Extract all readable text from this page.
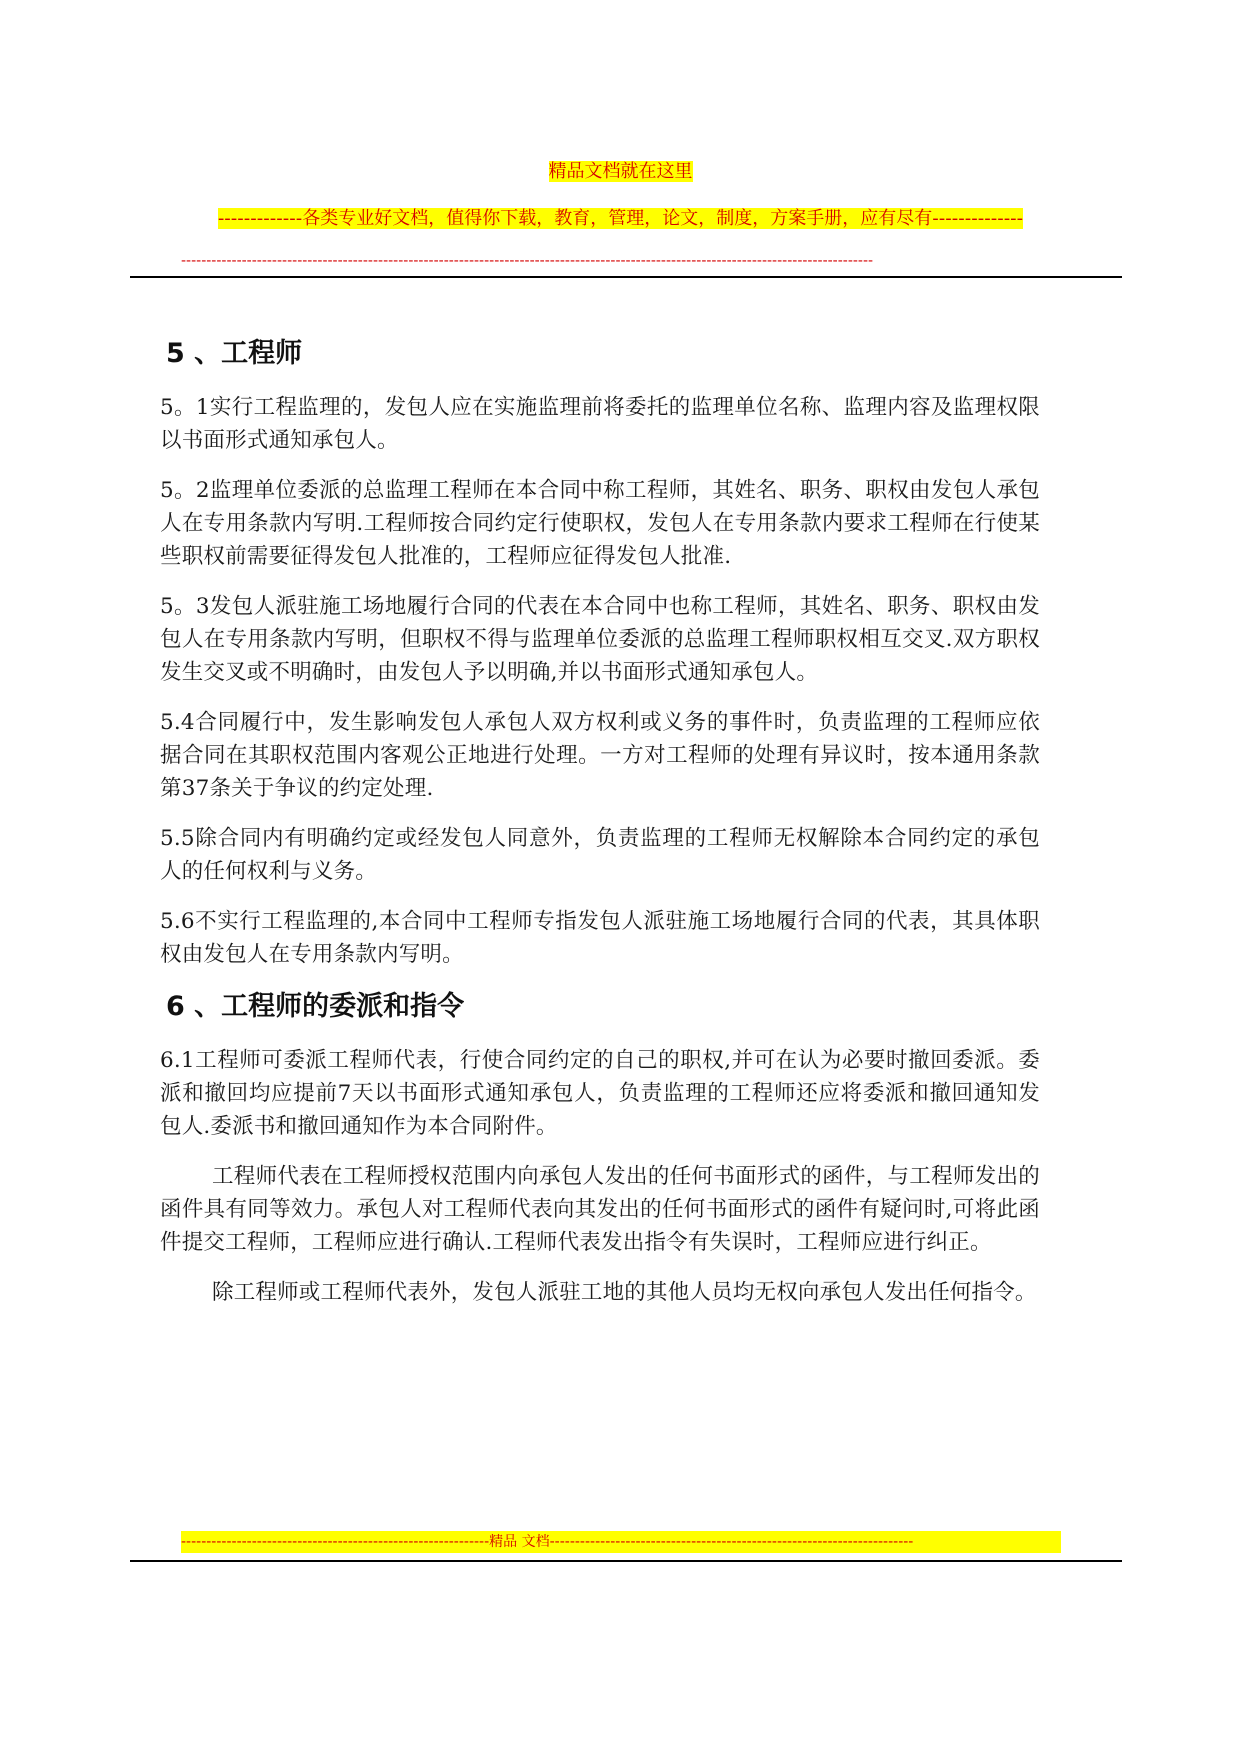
精品文档就在这里
-------------各类专业好文档，值得你下载，教育，管理，论文，制度，方案手册，应有尽有--------------
-----------------------------------------------------------------------------------------------------------------------------------------
5 、工程师

5。1实行工程监理的，发包人应在实施监理前将委托的监理单位名称、监理内容及监理权限以书面形式通知承包人。

5。2监理单位委派的总监理工程师在本合同中称工程师，其姓名、职务、职权由发包人承包人在专用条款内写明.工程师按合同约定行使职权，发包人在专用条款内要求工程师在行使某些职权前需要征得发包人批准的，工程师应征得发包人批准.

5。3发包人派驻施工场地履行合同的代表在本合同中也称工程师，其姓名、职务、职权由发包人在专用条款内写明，但职权不得与监理单位委派的总监理工程师职权相互交叉.双方职权发生交叉或不明确时，由发包人予以明确,并以书面形式通知承包人。

5.4合同履行中，发生影响发包人承包人双方权利或义务的事件时，负责监理的工程师应依据合同在其职权范围内客观公正地进行处理。一方对工程师的处理有异议时，按本通用条款第37条关于争议的约定处理.

5.5除合同内有明确约定或经发包人同意外，负责监理的工程师无权解除本合同约定的承包人的任何权利与义务。

5.6不实行工程监理的,本合同中工程师专指发包人派驻施工场地履行合同的代表，其具体职权由发包人在专用条款内写明。

6 、工程师的委派和指令

6.1工程师可委派工程师代表，行使合同约定的自己的职权,并可在认为必要时撤回委派。委派和撤回均应提前7天以书面形式通知承包人，负责监理的工程师还应将委派和撤回通知发包人.委派书和撤回通知作为本合同附件。

工程师代表在工程师授权范围内向承包人发出的任何书面形式的函件，与工程师发出的函件具有同等效力。承包人对工程师代表向其发出的任何书面形式的函件有疑问时,可将此函件提交工程师，工程师应进行确认.工程师代表发出指令有失误时，工程师应进行纠正。

除工程师或工程师代表外，发包人派驻工地的其他人员均无权向承包人发出任何指令。

-------------------------------------------------------------精品 文档------------------------------------------------------------------------
